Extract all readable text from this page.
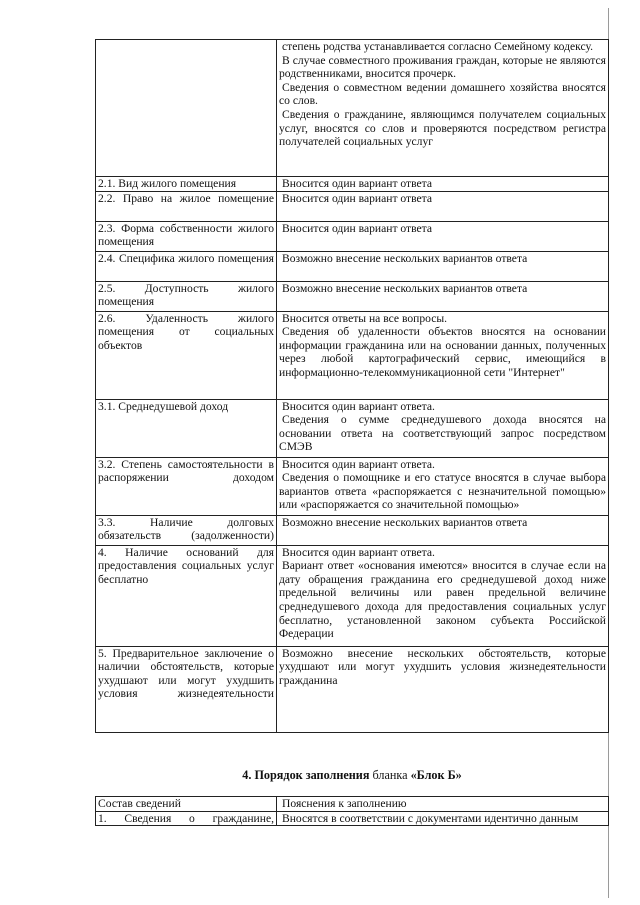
	степень родства устанавливается согласно Семейному кодексу.

В случае совместного проживания граждан, которые не являются родственниками, вносится прочерк.

Сведения о совместном ведении домашнего хозяйства вносятся со слов.

Сведения о гражданине, являющимся получателем социальных услуг, вносятся со слов и проверяются посредством регистра получателей социальных услуг

2.1. Вид жилого помещения	Вносится один вариант ответа

2.2. Право на жилое помещение	Вносится один вариант ответа

2.3. Форма собственности жилого помещения	Вносится один вариант ответа

2.4. Специфика жилого помещения	Возможно внесение нескольких вариантов ответа

2.5. Доступность жилого помещения	Возможно внесение нескольких вариантов ответа

2.6. Удаленность жилого помещения от социальных объектов	Вносится ответы на все вопросы.

Сведения об удаленности объектов вносятся на основании информации гражданина или на основании данных, полученных через любой картографический сервис, имеющийся в информационно-телекоммуникационной сети "Интернет"

3.1. Среднедушевой доход	Вносится один вариант ответа.

Сведения о сумме среднедушевого дохода вносятся на основании ответа на соответствующий запрос посредством СМЭВ

3.2. Степень самостоятельности в распоряжении доходом	Вносится один вариант ответа.

Сведения о помощнике и его статусе вносятся в случае выбора вариантов ответа «распоряжается с незначительной помощью» или «распоряжается со значительной помощью»

3.3. Наличие долговых обязательств (задолженности)	Возможно внесение нескольких вариантов ответа

4. Наличие оснований для предоставления социальных услуг бесплатно	Вносится один вариант ответа.

Вариант ответ «основания имеются» вносится в случае если на дату обращения гражданина его среднедушевой доход ниже предельной величины или равен предельной величине среднедушевого дохода для предоставления социальных услуг бесплатно, установленной законом субъекта Российской Федерации

5. Предварительное заключение о наличии обстоятельств, которые ухудшают или могут ухудшить условия жизнедеятельности	Возможно внесение нескольких обстоятельств, которые ухудшают или могут ухудшить условия жизнедеятельности гражданина

4. Порядок заполнения бланка «Блок Б»
Состав сведений	Пояснения к заполнению

1. Сведения о гражданине,	Вносятся в соответствии с документами идентично данным
